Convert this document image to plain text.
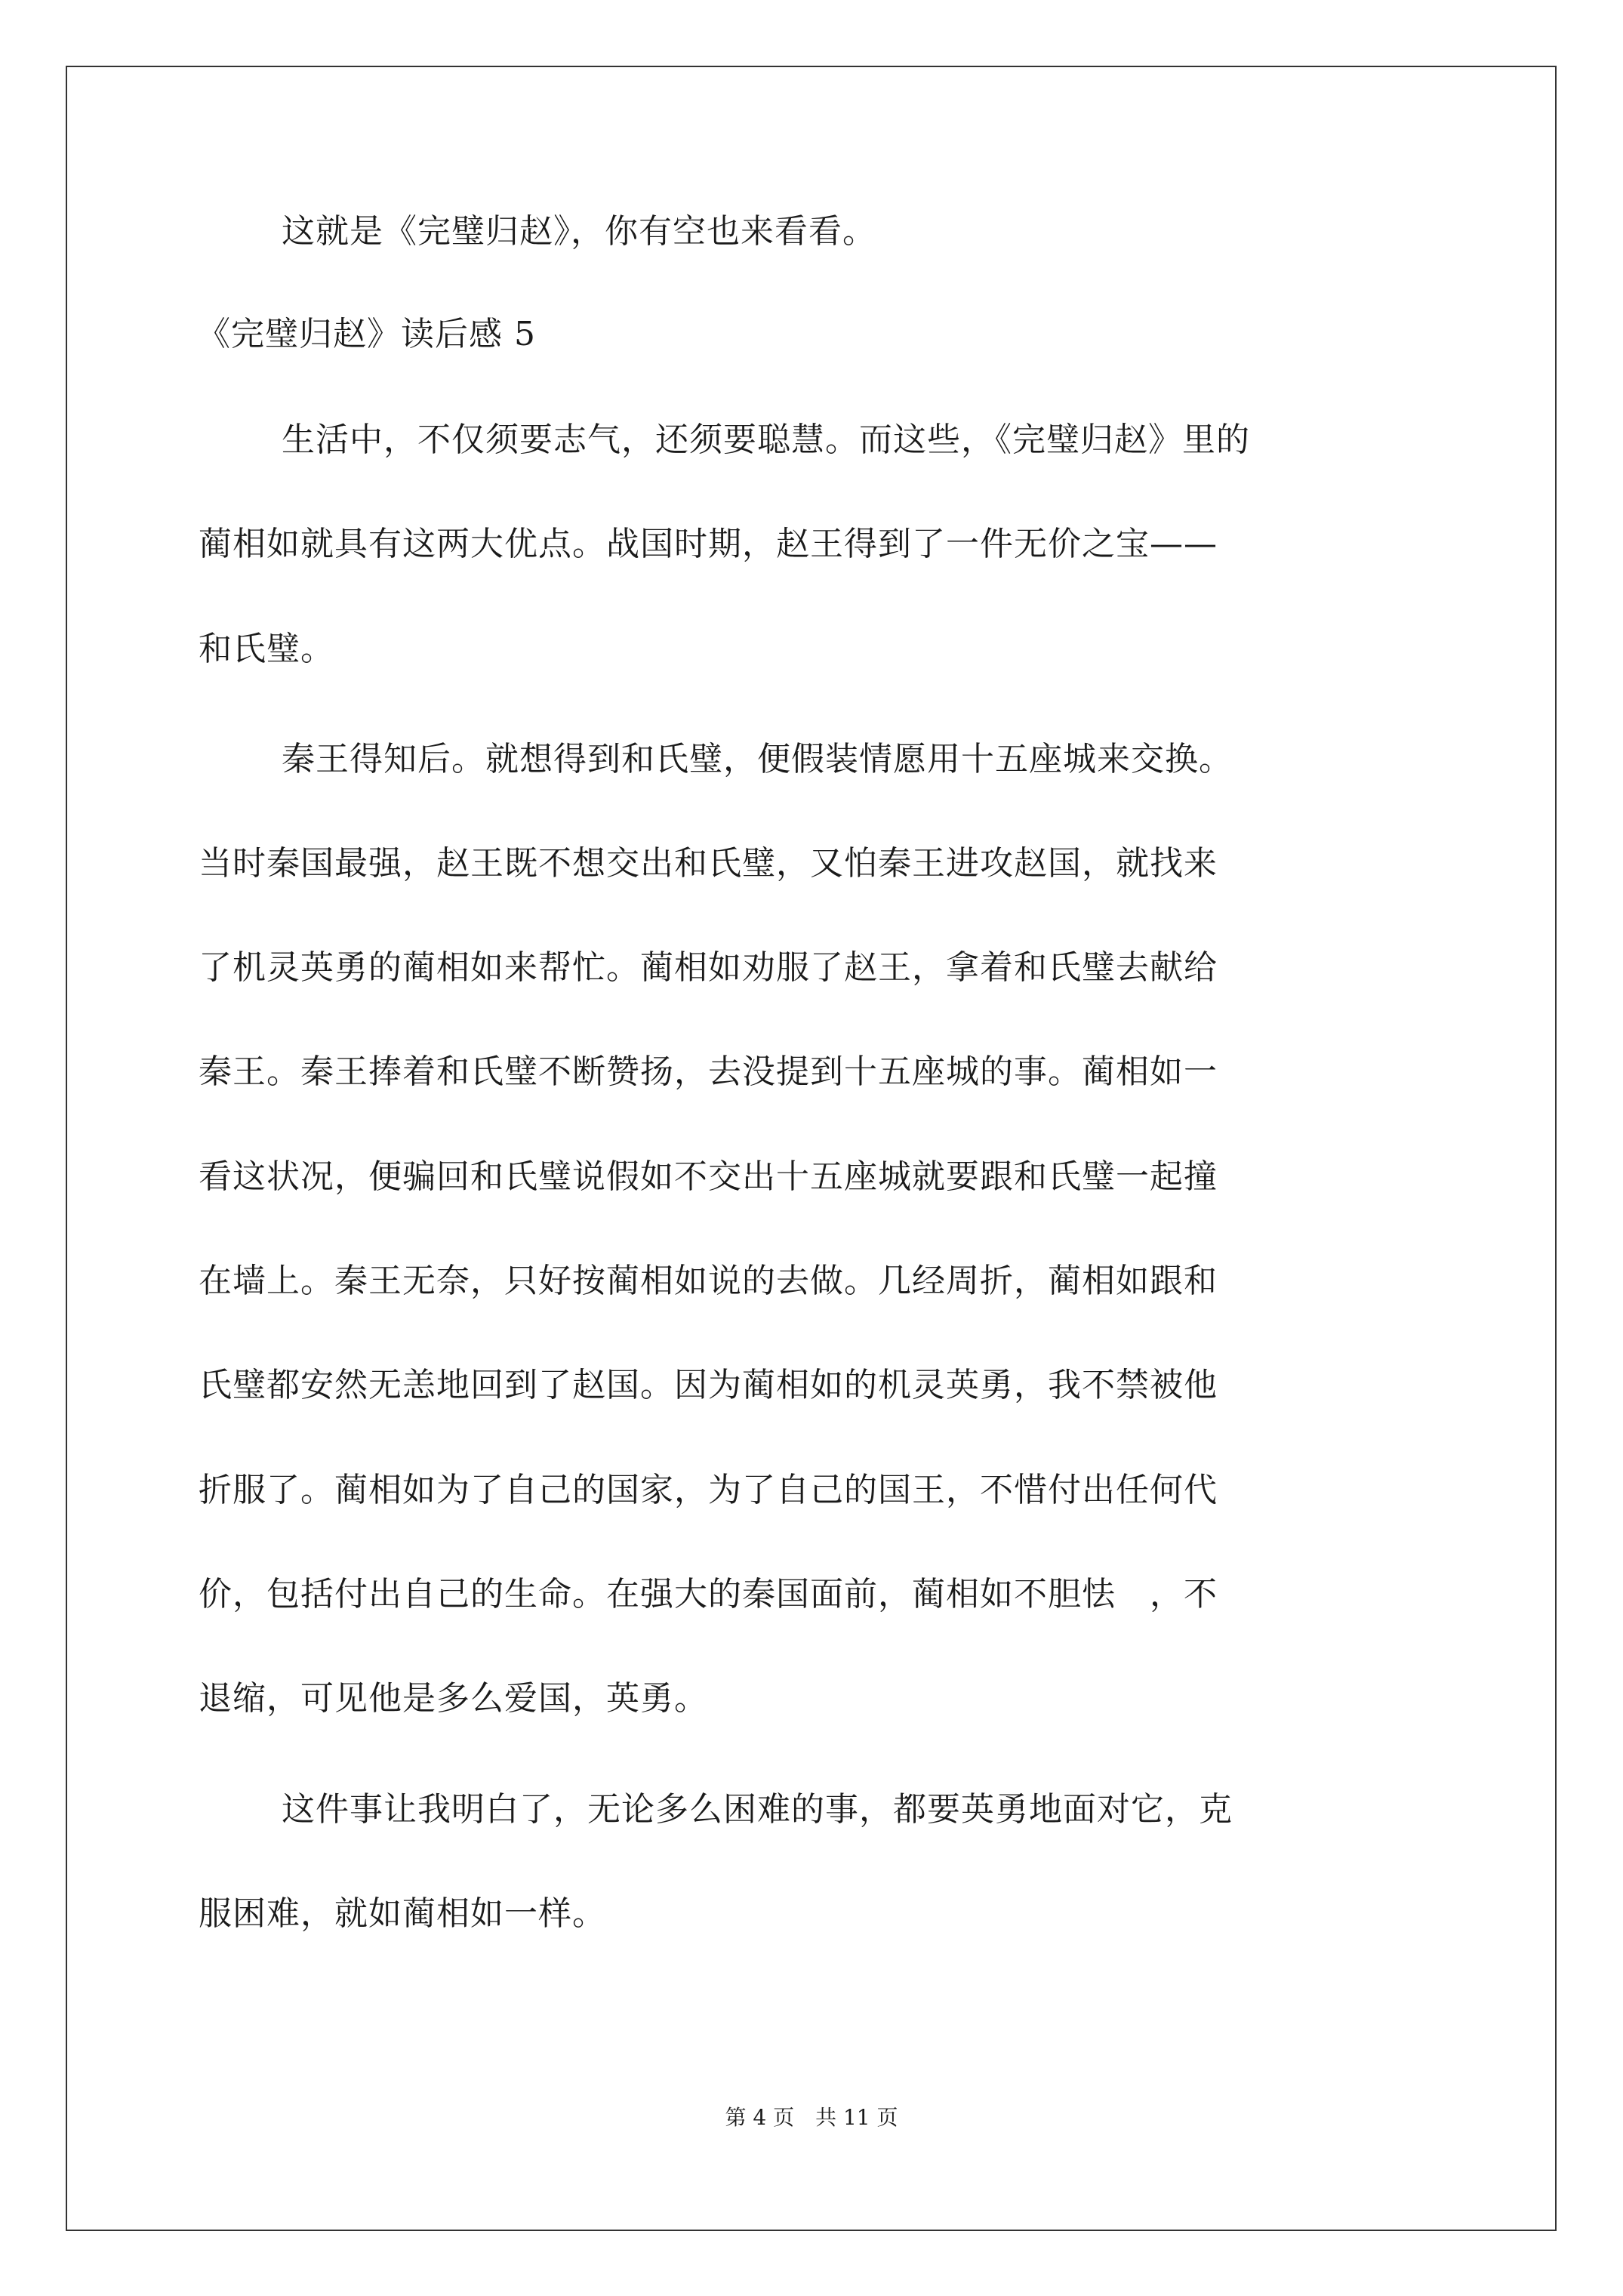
这就是《完璧归赵》，你有空也来看看。

《完璧归赵》读后感 5

生活中，不仅须要志气，还须要聪慧。而这些，《完璧归赵》里的

蔺相如就具有这两大优点。战国时期，赵王得到了一件无价之宝——

和氏璧。

秦王得知后。就想得到和氏璧，便假装情愿用十五座城来交换。

当时秦国最强，赵王既不想交出和氏璧，又怕秦王进攻赵国，就找来

了机灵英勇的蔺相如来帮忙。蔺相如劝服了赵王，拿着和氏璧去献给

秦王。秦王捧着和氏璧不断赞扬，去没提到十五座城的事。蔺相如一

看这状况，便骗回和氏璧说假如不交出十五座城就要跟和氏璧一起撞

在墙上。秦王无奈，只好按蔺相如说的去做。几经周折，蔺相如跟和

氏璧都安然无恙地回到了赵国。因为蔺相如的机灵英勇，我不禁被他

折服了。蔺相如为了自己的国家，为了自己的国王，不惜付出任何代

价，包括付出自己的生命。在强大的秦国面前，蔺相如不胆怯　，不

退缩，可见他是多么爱国，英勇。

这件事让我明白了，无论多么困难的事，都要英勇地面对它，克

服困难，就如蔺相如一样。

第 4 页　共 11 页
